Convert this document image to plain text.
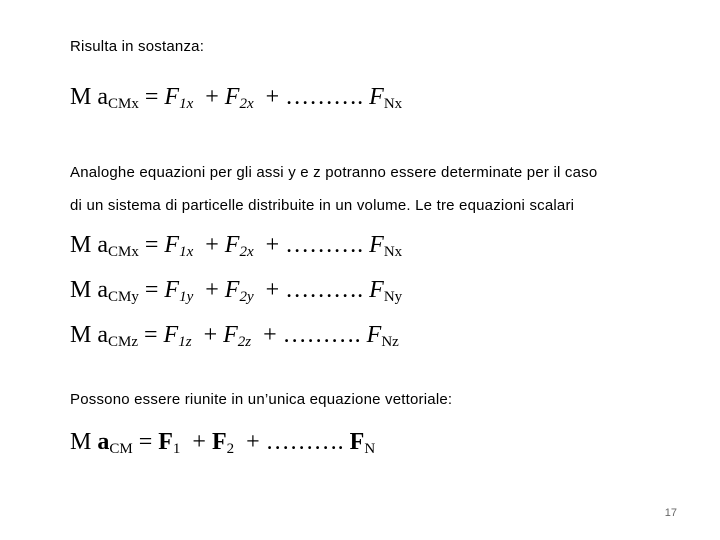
Risulta in sostanza:
M $a_{CMx} = F_{1x} + F_{2x}$ + ………. $F_{Nx}$
Analoghe equazioni per gli assi y e z potranno essere determinate per il caso
di un sistema di particelle distribuite in un volume. Le tre equazioni scalari
M $a_{CMx} = F_{1x} + F_{2x}$ + ………. $F_{Nx}$
M $a_{CMy} = F_{1y} + F_{2y}$ + ………. $F_{Ny}$
M $a_{CMz} = F_{1z} + F_{2z}$ + ………. $F_{Nz}$
Possono essere riunite in un’unica equazione vettoriale:
M $a_{CM} = F_1 + F_2$ + ………. $F_N$
17
